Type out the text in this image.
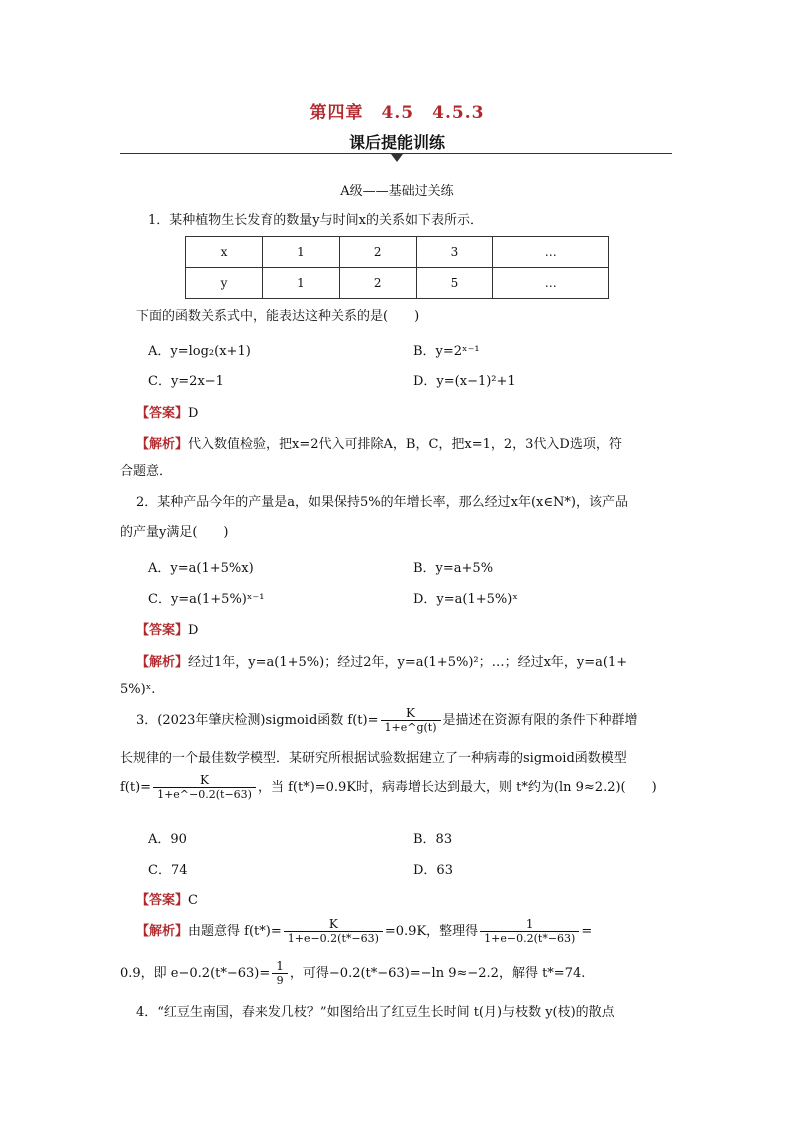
第四章　4.5　4.5.3
课后提能训练
A级——基础过关练
1．某种植物生长发育的数量y与时间x的关系如下表所示．
x	1	2	3	…
y	1	2	5	…
下面的函数关系式中，能表达这种关系的是(　　)
A．y=log₂(x+1)	B．y=2ˣ⁻¹
C．y=2x−1	D．y=(x−1)²+1
【答案】D
【解析】代入数值检验，把x=2代入可排除A，B，C，把x=1，2，3代入D选项，符
合题意．
2．某种产品今年的产量是a，如果保持5%的年增长率，那么经过x年(x∈N*)，该产品
的产量y满足(　　)
A．y=a(1+5%x)	B．y=a+5%
C．y=a(1+5%)ˣ⁻¹	D．y=a(1+5%)ˣ
【答案】D
【解析】经过1年，y=a(1+5%)；经过2年，y=a(1+5%)²；…；经过x年，y=a(1+
5%)ˣ.
3．(2023年肇庆检测)sigmoid函数 $f(t)= \frac{K}{1+e\^{}g(t)}$ 是描述在资源有限的条件下种群增
长规律的一个最佳数学模型．某研究所根据试验数据建立了一种病毒的sigmoid函数模型
$f(t)= \frac{K}{1+e\^{}-0.2(t-63)}$ ，当 f(t*)=0.9K时，病毒增长达到最大，则 t*约为(ln 9≈2.2)(　　)
A．90	B．83
C．74	D．63
【答案】C
【解析】由题意得 $f(t*)= \frac{K}{1+e-0.2(t*-63)} =0.9K$，整理得 $\frac{1}{1+e-0.2(t*-63)}$ =
0.9，即 $e-0.2(t*-63)= \frac{1}{9}$ ，可得−0.2(t*−63)=−ln 9≈−2.2，解得 t*=74.
4．“红豆生南国，春来发几枝？”如图给出了红豆生长时间 t(月)与枝数 y(枝)的散点
